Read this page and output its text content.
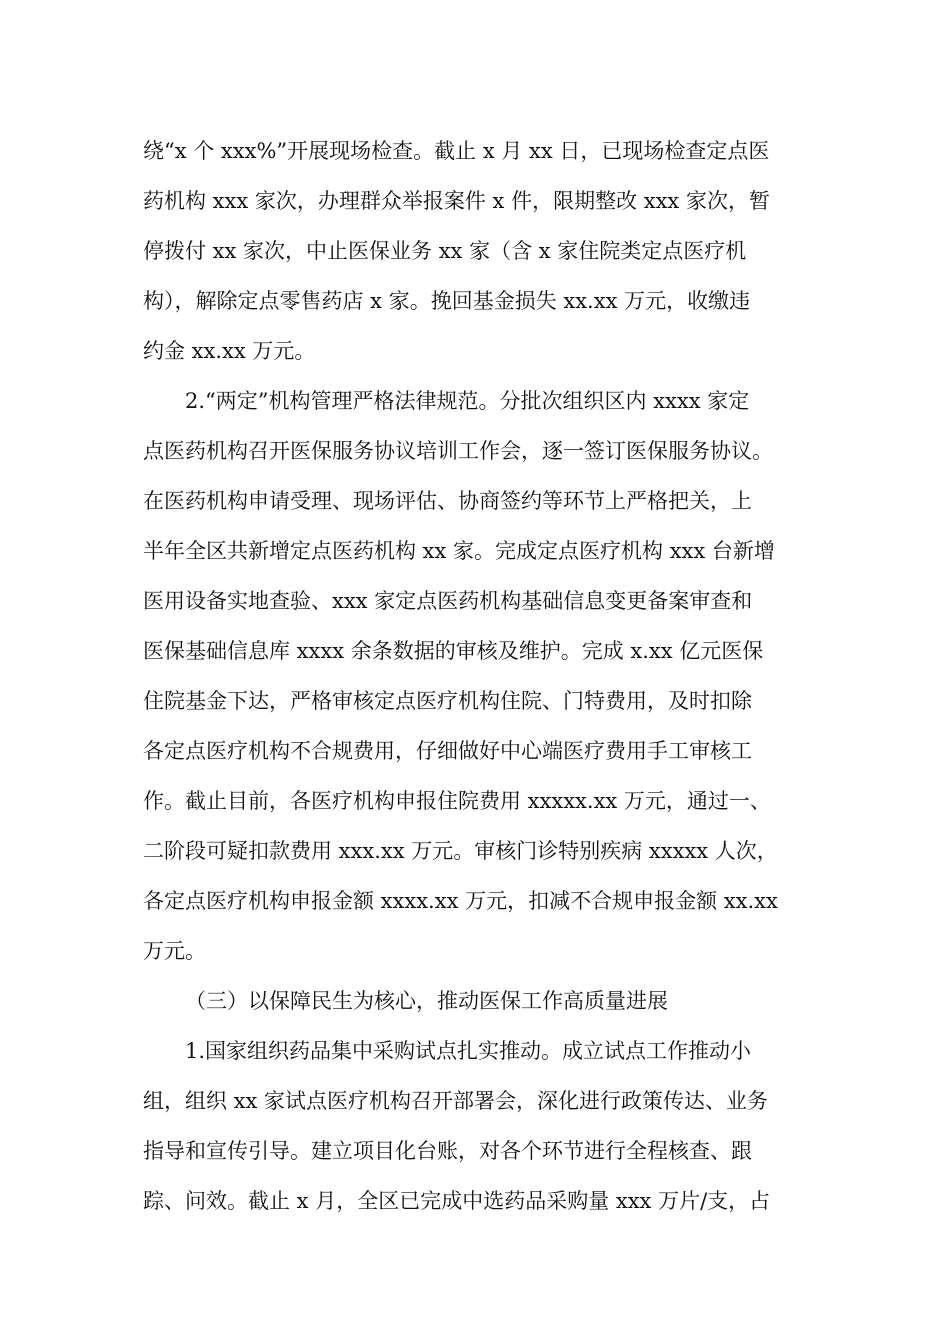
绕“x 个 xxx%”开展现场检查。截止 x 月 xx 日，已现场检查定点医
药机构 xxx 家次，办理群众举报案件 x 件，限期整改 xxx 家次，暂
停拨付 xx 家次，中止医保业务 xx 家（含 x 家住院类定点医疗机
构），解除定点零售药店 x 家。挽回基金损失 xx.xx 万元，收缴违
约金 xx.xx 万元。
2.“两定”机构管理严格法律规范。分批次组织区内 xxxx 家定
点医药机构召开医保服务协议培训工作会，逐一签订医保服务协议。
在医药机构申请受理、现场评估、协商签约等环节上严格把关，上
半年全区共新增定点医药机构 xx 家。完成定点医疗机构 xxx 台新增
医用设备实地查验、xxx 家定点医药机构基础信息变更备案审查和
医保基础信息库 xxxx 余条数据的审核及维护。完成 x.xx 亿元医保
住院基金下达，严格审核定点医疗机构住院、门特费用，及时扣除
各定点医疗机构不合规费用，仔细做好中心端医疗费用手工审核工
作。截止目前，各医疗机构申报住院费用 xxxxx.xx 万元，通过一、
二阶段可疑扣款费用 xxx.xx 万元。审核门诊特别疾病 xxxxx 人次，
各定点医疗机构申报金额 xxxx.xx 万元，扣减不合规申报金额 xx.xx
万元。
（三）以保障民生为核心，推动医保工作高质量进展
1.国家组织药品集中采购试点扎实推动。成立试点工作推动小
组，组织 xx 家试点医疗机构召开部署会，深化进行政策传达、业务
指导和宣传引导。建立项目化台账，对各个环节进行全程核查、跟
踪、问效。截止 x 月，全区已完成中选药品采购量 xxx 万片/支，占
